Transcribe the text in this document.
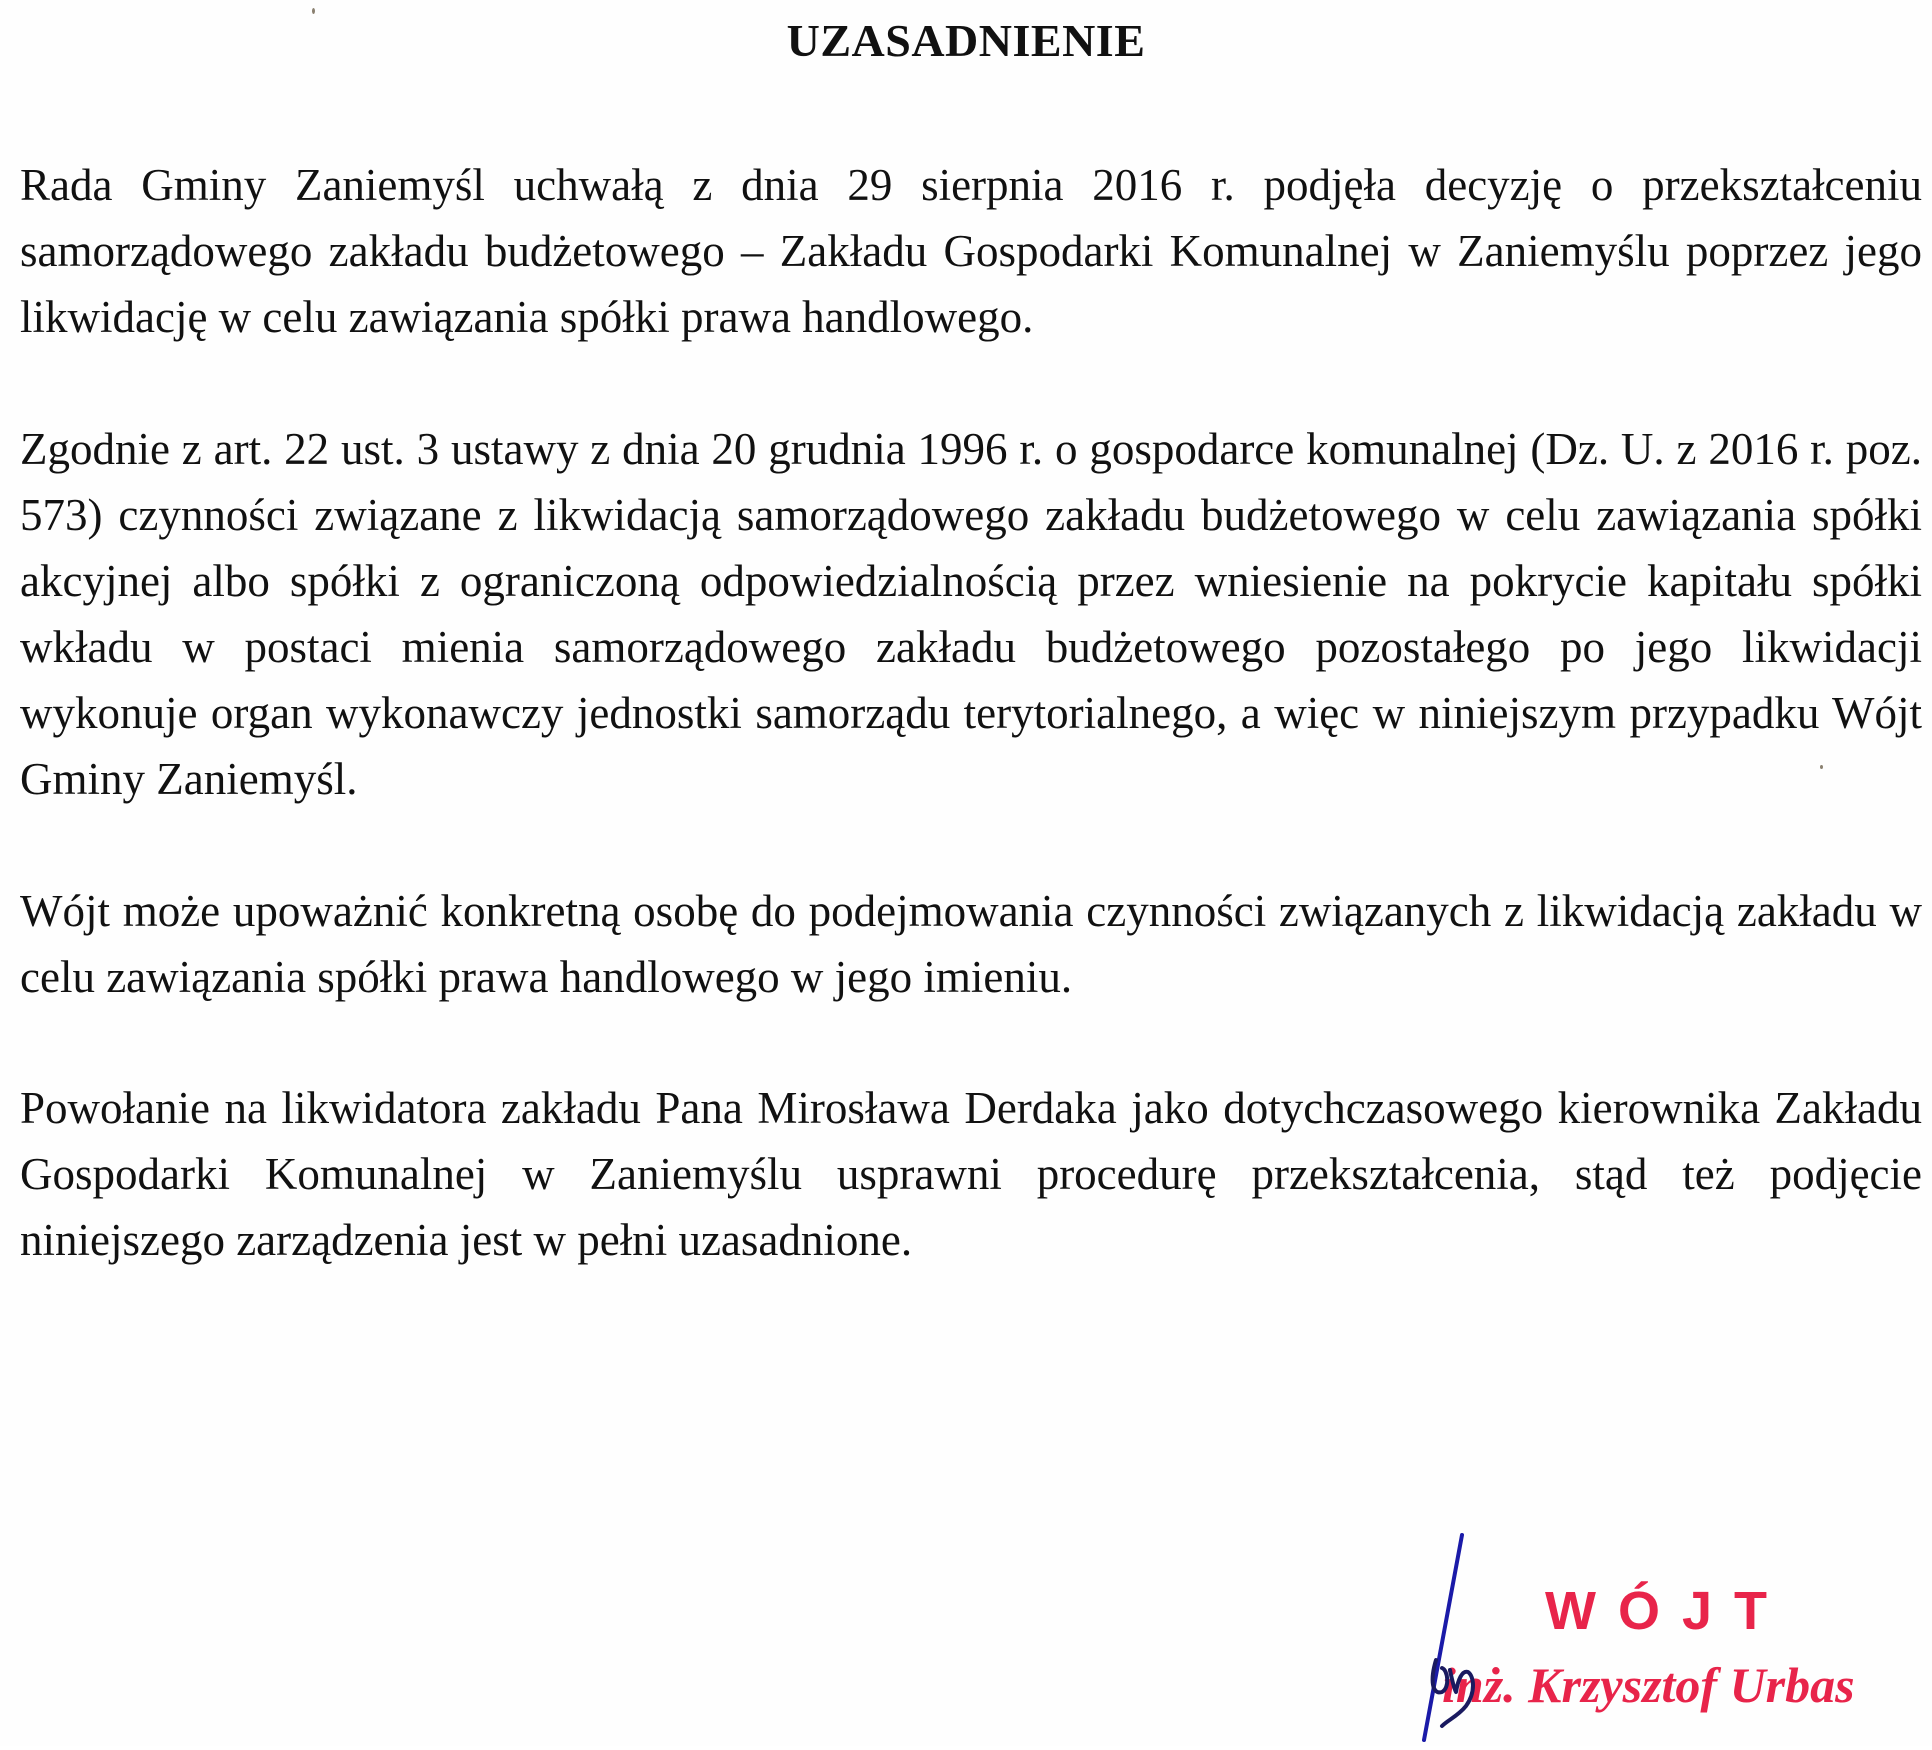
UZASADNIENIE

Rada Gminy Zaniemyśl uchwałą z dnia 29 sierpnia 2016 r. podjęła decyzję o przekształceniu samorządowego zakładu budżetowego – Zakładu Gospodarki Komunalnej w Zaniemyślu poprzez jego likwidację w celu zawiązania spółki prawa handlowego.

Zgodnie z art. 22 ust. 3 ustawy z dnia 20 grudnia 1996 r. o gospodarce komunalnej (Dz. U. z 2016 r. poz. 573) czynności związane z likwidacją samorządowego zakładu budżetowego w celu zawiązania spółki akcyjnej albo spółki z ograniczoną odpowiedzialnością przez wniesienie na pokrycie kapitału spółki wkładu w postaci mienia samorządowego zakładu budżetowego pozostałego po jego likwidacji wykonuje organ wykonawczy jednostki samorządu terytorialnego, a więc w niniejszym przypadku Wójt Gminy Zaniemyśl.

Wójt może upoważnić konkretną osobę do podejmowania czynności związanych z likwidacją zakładu w celu zawiązania spółki prawa handlowego w jego imieniu.

Powołanie na likwidatora zakładu Pana Mirosława Derdaka jako dotychczasowego kierownika Zakładu Gospodarki Komunalnej w Zaniemyślu usprawni procedurę przekształcenia, stąd też podjęcie niniejszego zarządzenia jest w pełni uzasadnione.

WÓJT

inż. Krzysztof Urbas
